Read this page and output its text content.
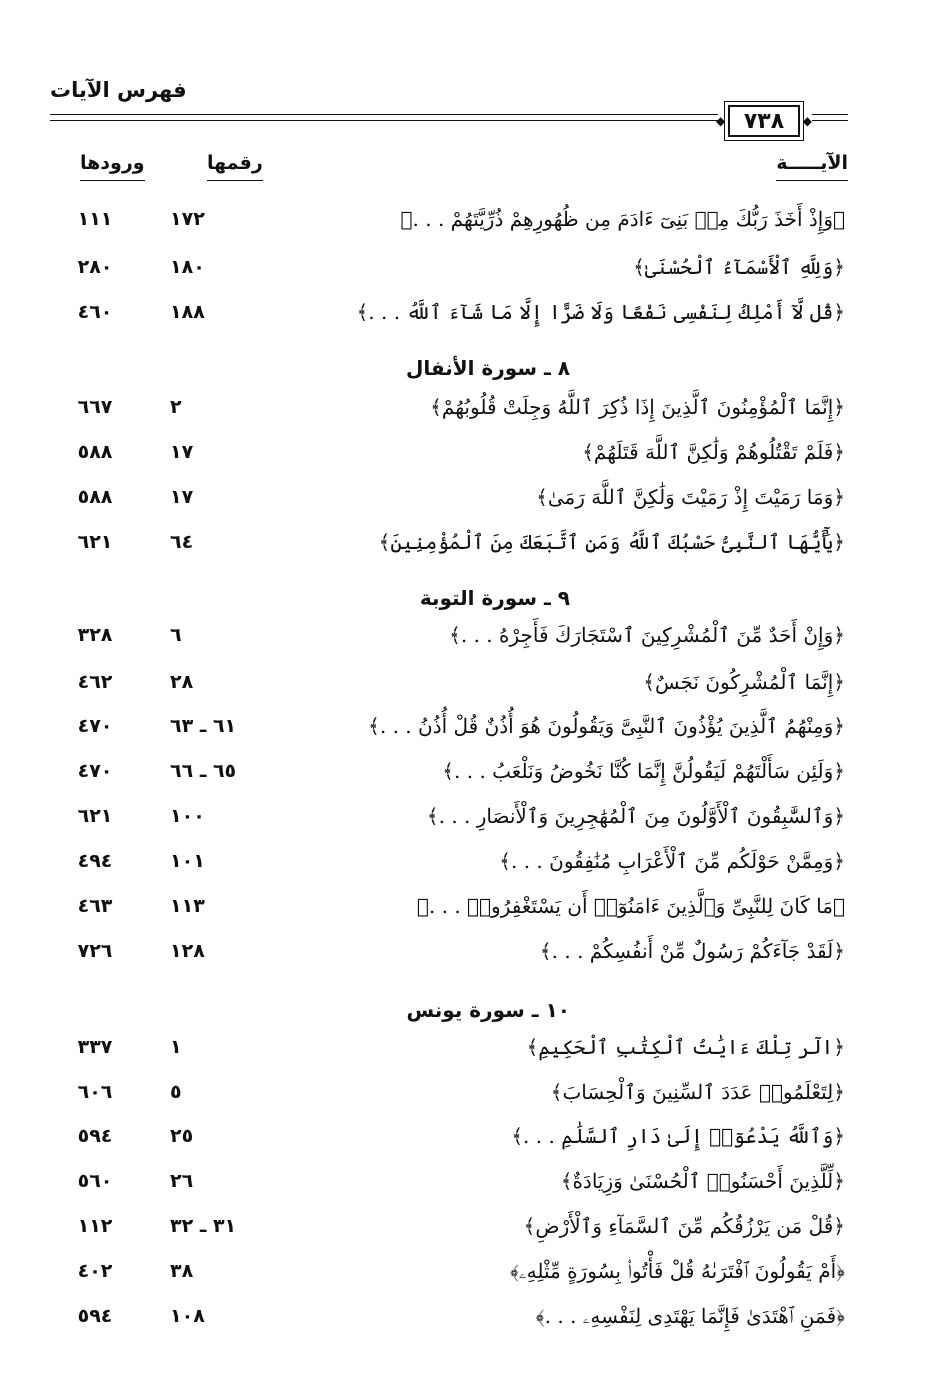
فهرس الآيات
◆
٧٣٨
◆
الآيـــــة
رقمها
ورودها
﴿وَإِذْ أَخَذَ رَبُّكَ مِنۢ بَنِىٓ ءَادَمَ مِن ظُهُورِهِمْ ذُرِّيَّتَهُمْ . . .﴾
١٧٢
١١١
﴿وَلِلَّهِ ٱلْأَسْمَآءُ ٱلْحُسْنَىٰ﴾
١٨٠
٢٨٠
﴿قُل لَّآ أَمْلِكُ لِنَفْسِى نَفْعًا وَلَا ضَرًّا إِلَّا مَا شَآءَ ٱللَّهُ . . .﴾
١٨٨
٤٦٠
٨ ـ سورة الأنفال
﴿إِنَّمَا ٱلْمُؤْمِنُونَ ٱلَّذِينَ إِذَا ذُكِرَ ٱللَّهُ وَجِلَتْ قُلُوبُهُمْ﴾
٢
٦٦٧
﴿فَلَمْ تَقْتُلُوهُمْ وَلَٰكِنَّ ٱللَّهَ قَتَلَهُمْ﴾
١٧
٥٨٨
﴿وَمَا رَمَيْتَ إِذْ رَمَيْتَ وَلَٰكِنَّ ٱللَّهَ رَمَىٰ﴾
١٧
٥٨٨
﴿يَٰٓأَيُّهَا ٱلنَّبِىُّ حَسْبُكَ ٱللَّهُ وَمَنِ ٱتَّبَعَكَ مِنَ ٱلْمُؤْمِنِينَ﴾
٦٤
٦٢١
٩ ـ سورة التوبة
﴿وَإِنْ أَحَدٌ مِّنَ ٱلْمُشْرِكِينَ ٱسْتَجَارَكَ فَأَجِرْهُ . . .﴾
٦
٣٢٨
﴿إِنَّمَا ٱلْمُشْرِكُونَ نَجَسٌ﴾
٢٨
٤٦٢
﴿وَمِنْهُمُ ٱلَّذِينَ يُؤْذُونَ ٱلنَّبِىَّ وَيَقُولُونَ هُوَ أُذُنٌ قُلْ أُذُنُ . . .﴾
٦١ ـ ٦٣
٤٧٠
﴿وَلَئِن سَأَلْتَهُمْ لَيَقُولُنَّ إِنَّمَا كُنَّا نَخُوضُ وَنَلْعَبُ . . .﴾
٦٥ ـ ٦٦
٤٧٠
﴿وَٱلسَّٰبِقُونَ ٱلْأَوَّلُونَ مِنَ ٱلْمُهَٰجِرِينَ وَٱلْأَنصَارِ . . .﴾
١٠٠
٦٢١
﴿وَمِمَّنْ حَوْلَكُم مِّنَ ٱلْأَعْرَابِ مُنَٰفِقُونَ . . .﴾
١٠١
٤٩٤
﴿مَا كَانَ لِلنَّبِىِّ وَٱلَّذِينَ ءَامَنُوٓا۟ أَن يَسْتَغْفِرُوا۟ . . .﴾
١١٣
٤٦٣
﴿لَقَدْ جَآءَكُمْ رَسُولٌ مِّنْ أَنفُسِكُمْ . . .﴾
١٢٨
٧٢٦
١٠ ـ سورة يونس
﴿الٓر تِلْكَ ءَايَٰتُ ٱلْكِتَٰبِ ٱلْحَكِيمِ﴾
١
٣٣٧
﴿لِتَعْلَمُوا۟ عَدَدَ ٱلسِّنِينَ وَٱلْحِسَابَ﴾
٥
٦٠٦
﴿وَٱللَّهُ يَدْعُوٓا۟ إِلَىٰ دَارِ ٱلسَّلَٰمِ . . .﴾
٢٥
٥٩٤
﴿لِّلَّذِينَ أَحْسَنُوا۟ ٱلْحُسْنَىٰ وَزِيَادَةٌ﴾
٢٦
٥٦٠
﴿قُلْ مَن يَرْزُقُكُم مِّنَ ٱلسَّمَآءِ وَٱلْأَرْضِ﴾
٣١ ـ ٣٢
١١٢
﴿أَمْ يَقُولُونَ ٱفْتَرَىٰهُ قُلْ فَأْتُوا۟ بِسُورَةٍ مِّثْلِهِۦ﴾
٣٨
٤٠٢
﴿فَمَنِ ٱهْتَدَىٰ فَإِنَّمَا يَهْتَدِى لِنَفْسِهِۦ . . .﴾
١٠٨
٥٩٤
